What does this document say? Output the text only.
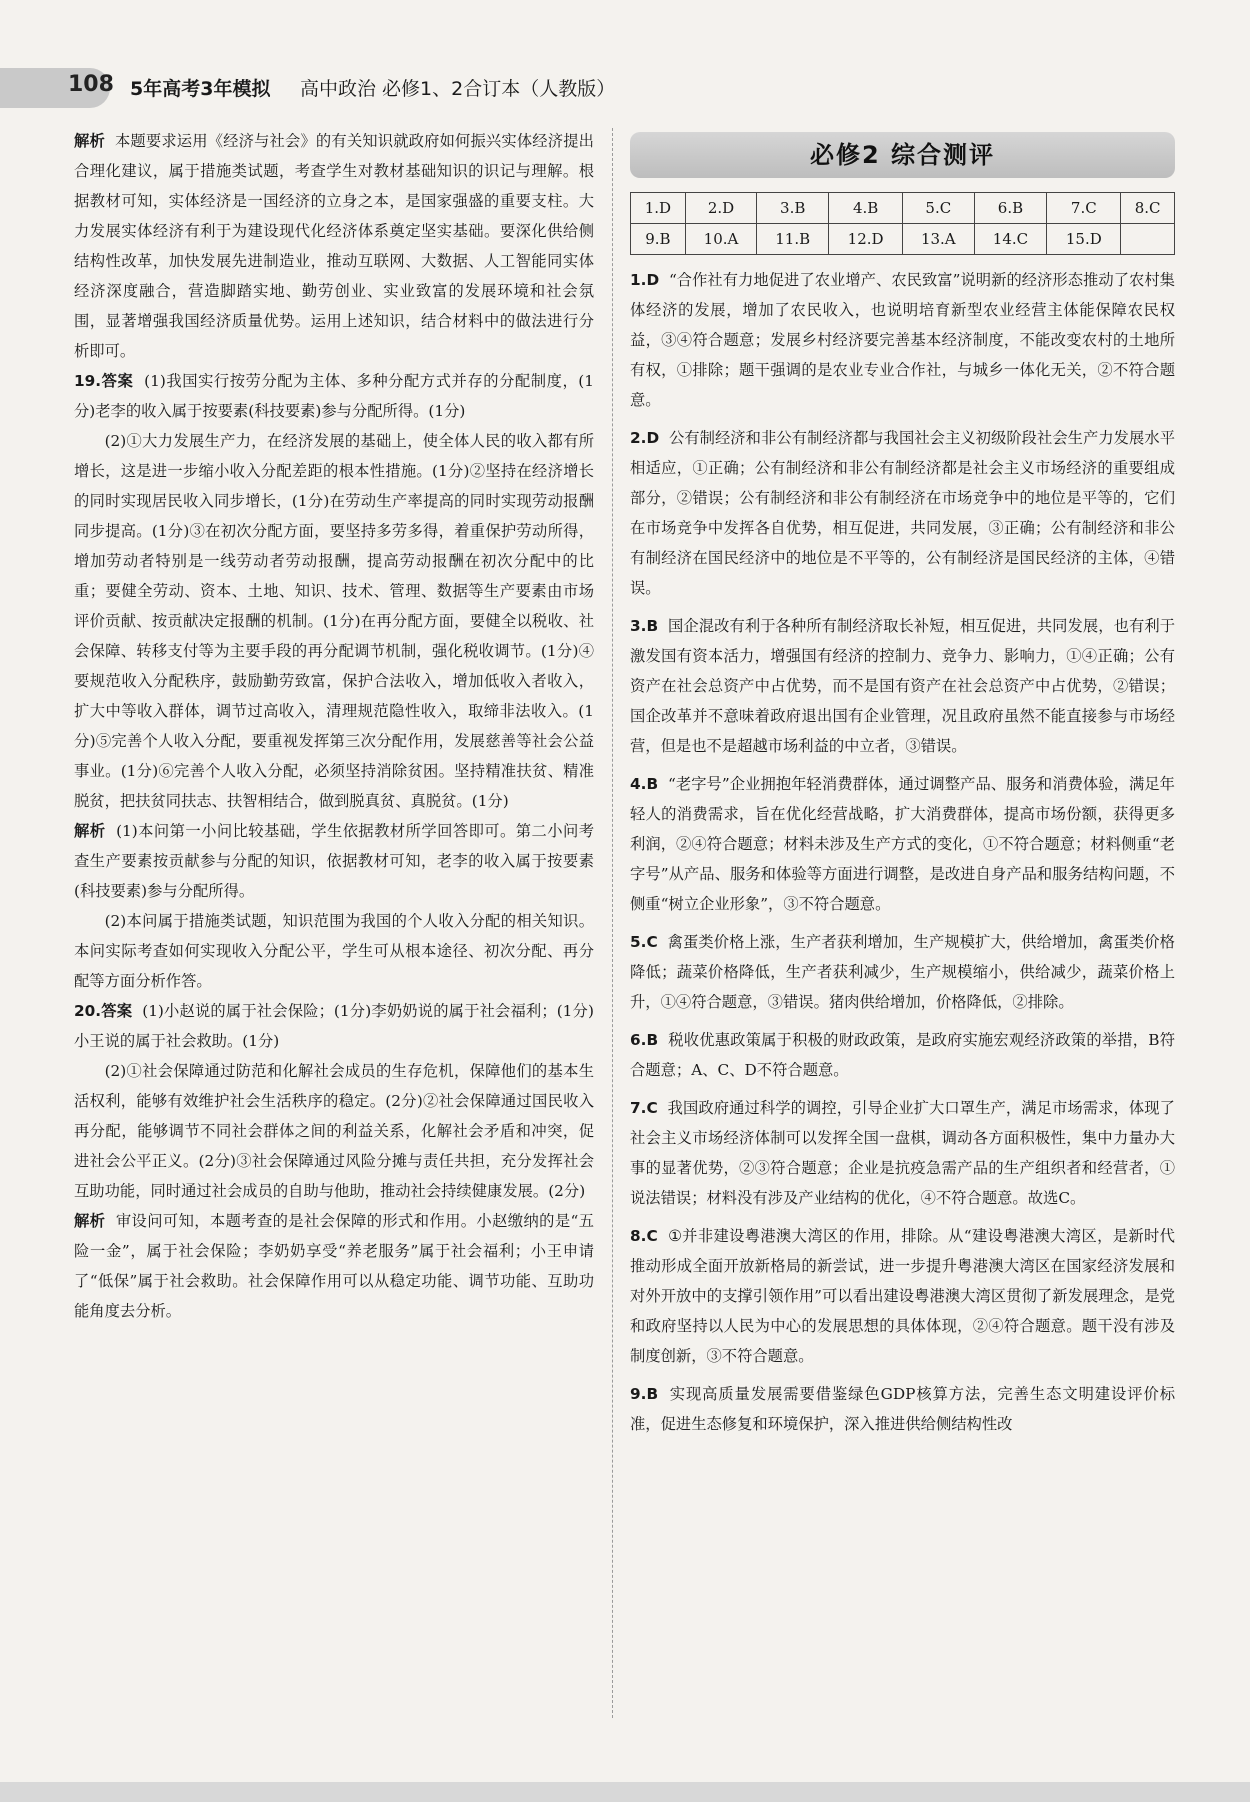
108 5年高考3年模拟 高中政治 必修1、2合订本（人教版）

解析 本题要求运用《经济与社会》的有关知识就政府如何振兴实体经济提出合理化建议，属于措施类试题，考查学生对教材基础知识的识记与理解。根据教材可知，实体经济是一国经济的立身之本，是国家强盛的重要支柱。大力发展实体经济有利于为建设现代化经济体系奠定坚实基础。要深化供给侧结构性改革，加快发展先进制造业，推动互联网、大数据、人工智能同实体经济深度融合，营造脚踏实地、勤劳创业、实业致富的发展环境和社会氛围，显著增强我国经济质量优势。运用上述知识，结合材料中的做法进行分析即可。

19.答案 (1)我国实行按劳分配为主体、多种分配方式并存的分配制度，(1分)老李的收入属于按要素(科技要素)参与分配所得。(1分)

(2)①大力发展生产力，在经济发展的基础上，使全体人民的收入都有所增长，这是进一步缩小收入分配差距的根本性措施。(1分)②坚持在经济增长的同时实现居民收入同步增长，(1分)在劳动生产率提高的同时实现劳动报酬同步提高。(1分)③在初次分配方面，要坚持多劳多得，着重保护劳动所得，增加劳动者特别是一线劳动者劳动报酬，提高劳动报酬在初次分配中的比重；要健全劳动、资本、土地、知识、技术、管理、数据等生产要素由市场评价贡献、按贡献决定报酬的机制。(1分)在再分配方面，要健全以税收、社会保障、转移支付等为主要手段的再分配调节机制，强化税收调节。(1分)④要规范收入分配秩序，鼓励勤劳致富，保护合法收入，增加低收入者收入，扩大中等收入群体，调节过高收入，清理规范隐性收入，取缔非法收入。(1分)⑤完善个人收入分配，要重视发挥第三次分配作用，发展慈善等社会公益事业。(1分)⑥完善个人收入分配，必须坚持消除贫困。坚持精准扶贫、精准脱贫，把扶贫同扶志、扶智相结合，做到脱真贫、真脱贫。(1分)

解析 (1)本问第一小问比较基础，学生依据教材所学回答即可。第二小问考查生产要素按贡献参与分配的知识，依据教材可知，老李的收入属于按要素(科技要素)参与分配所得。

(2)本问属于措施类试题，知识范围为我国的个人收入分配的相关知识。本问实际考查如何实现收入分配公平，学生可从根本途径、初次分配、再分配等方面分析作答。

20.答案 (1)小赵说的属于社会保险；(1分)李奶奶说的属于社会福利；(1分)小王说的属于社会救助。(1分)

(2)①社会保障通过防范和化解社会成员的生存危机，保障他们的基本生活权利，能够有效维护社会生活秩序的稳定。(2分)②社会保障通过国民收入再分配，能够调节不同社会群体之间的利益关系，化解社会矛盾和冲突，促进社会公平正义。(2分)③社会保障通过风险分摊与责任共担，充分发挥社会互助功能，同时通过社会成员的自助与他助，推动社会持续健康发展。(2分)

解析 审设问可知，本题考查的是社会保障的形式和作用。小赵缴纳的是“五险一金”，属于社会保险；李奶奶享受“养老服务”属于社会福利；小王申请了“低保”属于社会救助。社会保障作用可以从稳定功能、调节功能、互助功能角度去分析。

必修2 综合测评
1.D	2.D	3.B	4.B	5.C	6.B	7.C	8.C
9.B	10.A	11.B	12.D	13.A	14.C	15.D	

1.D “合作社有力地促进了农业增产、农民致富”说明新的经济形态推动了农村集体经济的发展，增加了农民收入，也说明培育新型农业经营主体能保障农民权益，③④符合题意；发展乡村经济要完善基本经济制度，不能改变农村的土地所有权，①排除；题干强调的是农业专业合作社，与城乡一体化无关，②不符合题意。

2.D 公有制经济和非公有制经济都与我国社会主义初级阶段社会生产力发展水平相适应，①正确；公有制经济和非公有制经济都是社会主义市场经济的重要组成部分，②错误；公有制经济和非公有制经济在市场竞争中的地位是平等的，它们在市场竞争中发挥各自优势，相互促进，共同发展，③正确；公有制经济和非公有制经济在国民经济中的地位是不平等的，公有制经济是国民经济的主体，④错误。

3.B 国企混改有利于各种所有制经济取长补短，相互促进，共同发展，也有利于激发国有资本活力，增强国有经济的控制力、竞争力、影响力，①④正确；公有资产在社会总资产中占优势，而不是国有资产在社会总资产中占优势，②错误；国企改革并不意味着政府退出国有企业管理，况且政府虽然不能直接参与市场经营，但是也不是超越市场利益的中立者，③错误。

4.B “老字号”企业拥抱年轻消费群体，通过调整产品、服务和消费体验，满足年轻人的消费需求，旨在优化经营战略，扩大消费群体，提高市场份额，获得更多利润，②④符合题意；材料未涉及生产方式的变化，①不符合题意；材料侧重“老字号”从产品、服务和体验等方面进行调整，是改进自身产品和服务结构问题，不侧重“树立企业形象”，③不符合题意。

5.C 禽蛋类价格上涨，生产者获利增加，生产规模扩大，供给增加，禽蛋类价格降低；蔬菜价格降低，生产者获利减少，生产规模缩小，供给减少，蔬菜价格上升，①④符合题意，③错误。猪肉供给增加，价格降低，②排除。

6.B 税收优惠政策属于积极的财政政策，是政府实施宏观经济政策的举措，B符合题意；A、C、D不符合题意。

7.C 我国政府通过科学的调控，引导企业扩大口罩生产，满足市场需求，体现了社会主义市场经济体制可以发挥全国一盘棋，调动各方面积极性，集中力量办大事的显著优势，②③符合题意；企业是抗疫急需产品的生产组织者和经营者，①说法错误；材料没有涉及产业结构的优化，④不符合题意。故选C。

8.C ①并非建设粤港澳大湾区的作用，排除。从“建设粤港澳大湾区，是新时代推动形成全面开放新格局的新尝试，进一步提升粤港澳大湾区在国家经济发展和对外开放中的支撑引领作用”可以看出建设粤港澳大湾区贯彻了新发展理念，是党和政府坚持以人民为中心的发展思想的具体体现，②④符合题意。题干没有涉及制度创新，③不符合题意。

9.B 实现高质量发展需要借鉴绿色GDP核算方法，完善生态文明建设评价标准，促进生态修复和环境保护，深入推进供给侧结构性改
